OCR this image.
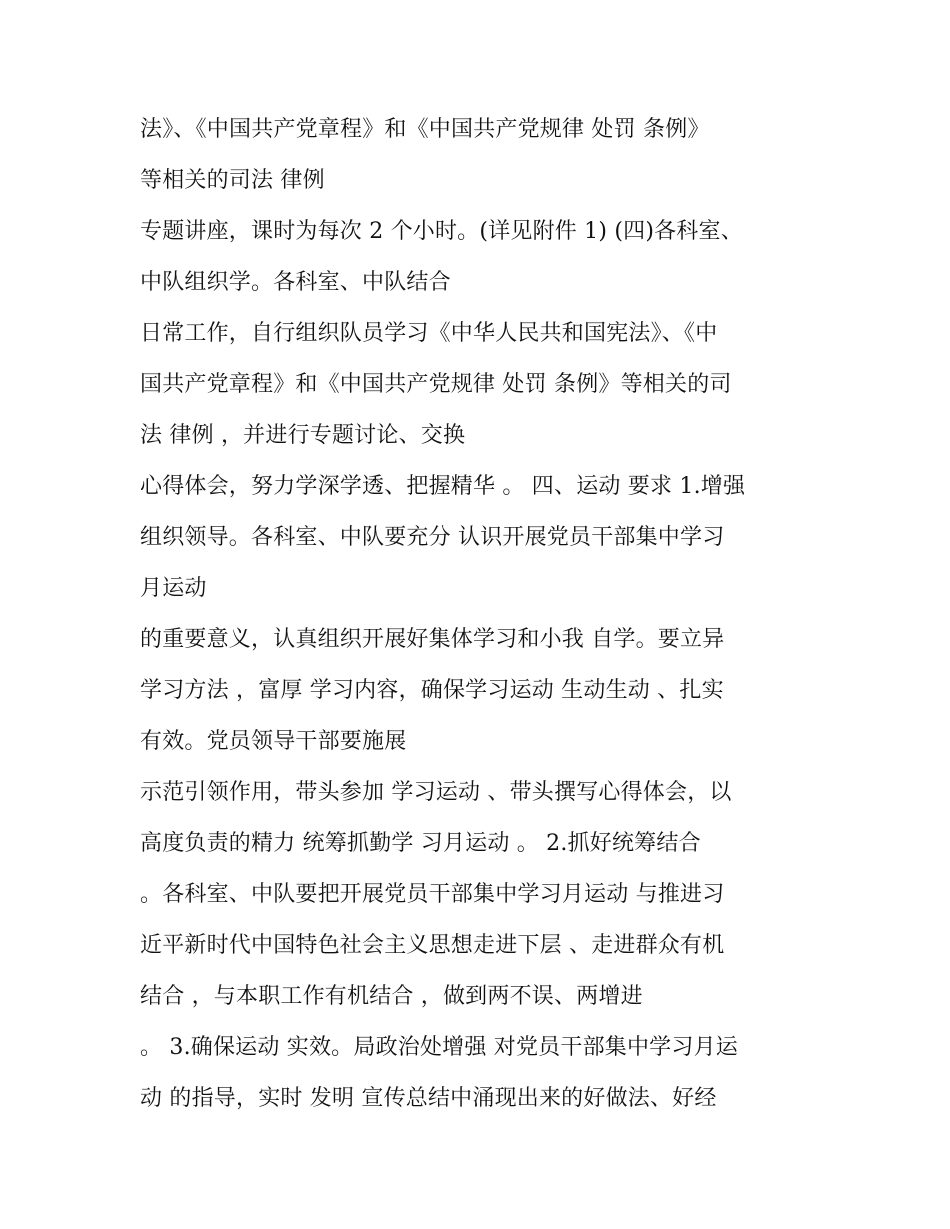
法》、《中国共产党章程》和《中国共产党规律 处罚 条例》
等相关的司法 律例
专题讲座，课时为每次 2 个小时。(详见附件 1) (四)各科室、
中队组织学。各科室、中队结合
日常工作，自行组织队员学习《中华人民共和国宪法》、《中
国共产党章程》和《中国共产党规律 处罚 条例》等相关的司
法 律例 ，并进行专题讨论、交换
心得体会，努力学深学透、把握精华 。 四、运动 要求 1.增强
组织领导。各科室、中队要充分 认识开展党员干部集中学习
月运动
的重要意义，认真组织开展好集体学习和小我 自学。要立异
学习方法 ，富厚 学习内容，确保学习运动 生动生动 、扎实
有效。党员领导干部要施展
示范引领作用，带头参加 学习运动 、带头撰写心得体会，以
高度负责的精力 统筹抓勤学 习月运动 。 2.抓好统筹结合
。各科室、中队要把开展党员干部集中学习月运动 与推进习
近平新时代中国特色社会主义思想走进下层 、走进群众有机
结合 ，与本职工作有机结合 ，做到两不误、两增进
。 3.确保运动 实效。局政治处增强 对党员干部集中学习月运
动 的指导，实时 发明 宣传总结中涌现出来的好做法、好经
